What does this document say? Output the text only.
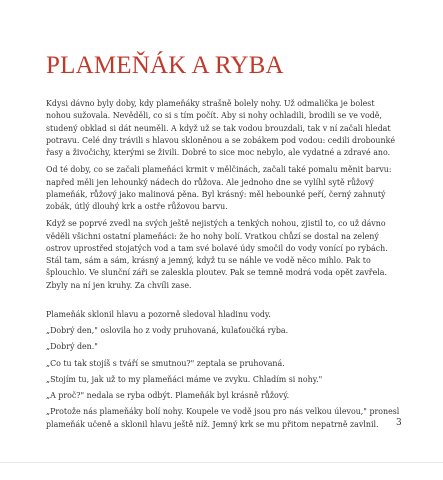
PLAMEŇÁK A RYBA

Kdysi dávno byly doby, kdy plameňáky strašně bolely nohy. Už odmalička je bolest nohou sužovala. Nevěděli, co si s tím počít. Aby si nohy ochladili, brodili se ve vodě, studený obklad si dát neuměli. A když už se tak vodou brouzdali, tak v ní začali hledat potravu. Celé dny trávili s hlavou skloněnou a se zobákem pod vodou: cedili drobounké řasy a živočichy, kterými se živili. Dobré to sice moc nebylo, ale vydatné a zdravé ano.

Od té doby, co se začali plameňáci krmit v mělčinách, začali také pomalu měnit barvu: napřed měli jen lehounký nádech do růžova. Ale jednoho dne se vylíhl sytě růžový plameňák, růžový jako malinová pěna. Byl krásný: měl hebounké peří, černý zahnutý zobák, útlý dlouhý krk a ostře růžovou barvu.

Když se poprvé zvedl na svých ještě nejistých a tenkých nohou, zjistil to, co už dávno věděli všichni ostatní plameňáci: že ho nohy bolí. Vratkou chůzí se dostal na zelený ostrov uprostřed stojatých vod a tam své bolavé údy smočil do vody vonící po rybách. Stál tam, sám a sám, krásný a jemný, když tu se náhle ve vodě něco mihlo. Pak to šplouchlo. Ve slunční záři se zaleskla ploutev. Pak se temně modrá voda opět zavřela. Zbyly na ní jen kruhy. Za chvíli zase.

Plameňák sklonil hlavu a pozorně sledoval hladinu vody.

„Dobrý den," oslovila ho z vody pruhovaná, kulaťoučká ryba.

„Dobrý den."

„Co tu tak stojíš s tváří se smutnou?" zeptala se pruhovaná.

„Stojím tu, jak už to my plameňáci máme ve zvyku. Chladím si nohy."

„A proč?" nedala se ryba odbýt. Plameňák byl krásně růžový.

„Protože nás plameňáky bolí nohy. Koupele ve vodě jsou pro nás velkou úlevou," pronesl plameňák učeně a sklonil hlavu ještě níž. Jemný krk se mu přitom nepatrně zavlnil.	3
